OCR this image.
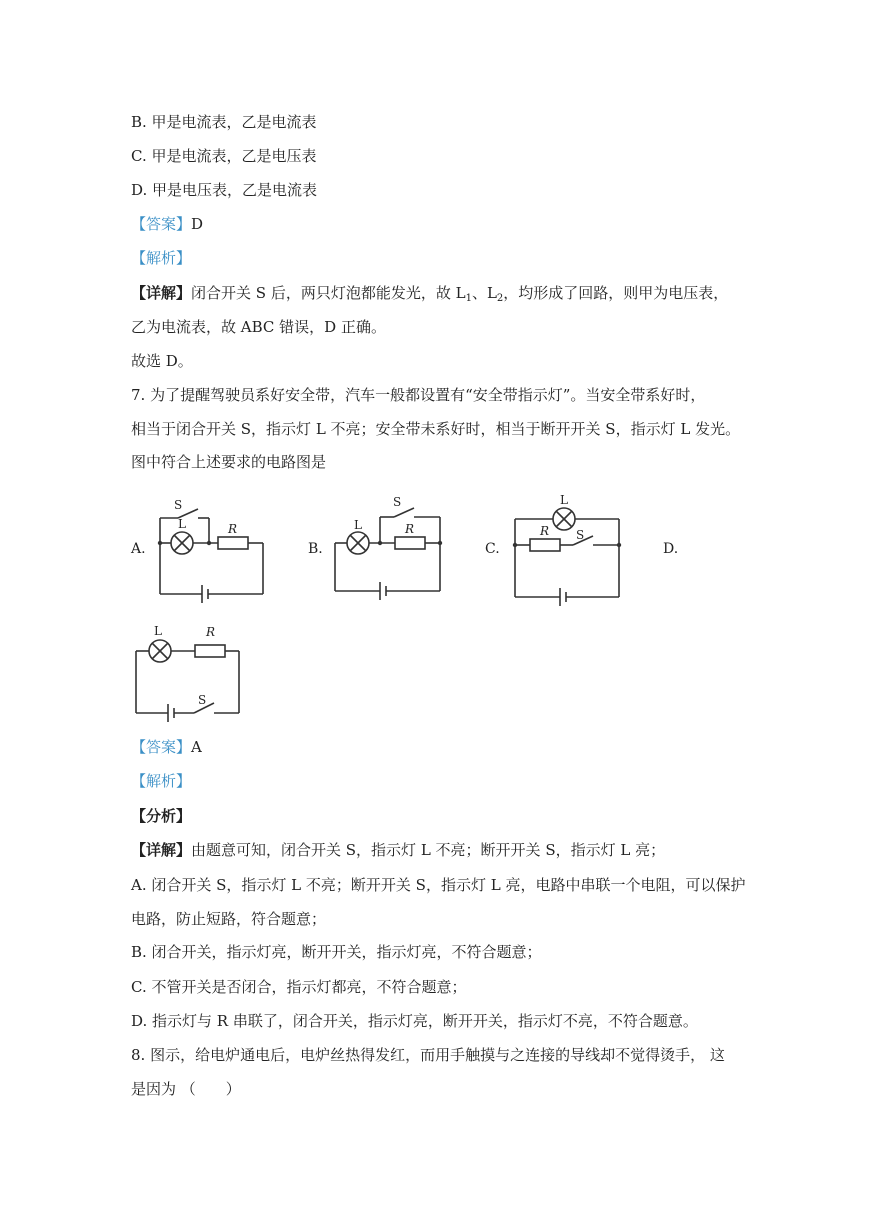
B. 甲是电流表，乙是电流表
C. 甲是电流表，乙是电压表
D. 甲是电压表，乙是电流表
【答案】D
【解析】
【详解】闭合开关 S 后，两只灯泡都能发光，故 $L_1$、$L_2$，均形成了回路，则甲为电压表，
乙为电流表，故 ABC 错误，D 正确。
故选 D。
7. 为了提醒驾驶员系好安全带，汽车一般都设置有“安全带指示灯”。当安全带系好时，
相当于闭合开关 S，指示灯 L 不亮；安全带未系好时，相当于断开开关 S，指示灯 L 发光。
图中符合上述要求的电路图是
A.	B.	C.	D.
S
L	R
S
L	R
L
R S
L	R
S
【答案】A
【解析】
【分析】
【详解】由题意可知，闭合开关 S，指示灯 L 不亮；断开开关 S，指示灯 L 亮；
A. 闭合开关 S，指示灯 L 不亮；断开开关 S，指示灯 L 亮，电路中串联一个电阻，可以保护
电路，防止短路，符合题意；
B. 闭合开关，指示灯亮，断开开关，指示灯亮，不符合题意；
C. 不管开关是否闭合，指示灯都亮，不符合题意；
D. 指示灯与 R 串联了，闭合开关，指示灯亮，断开开关，指示灯不亮，不符合题意。
8. 图示，给电炉通电后，电炉丝热得发红，而用手触摸与之连接的导线却不觉得烫手， 这
是因为 （　　）
